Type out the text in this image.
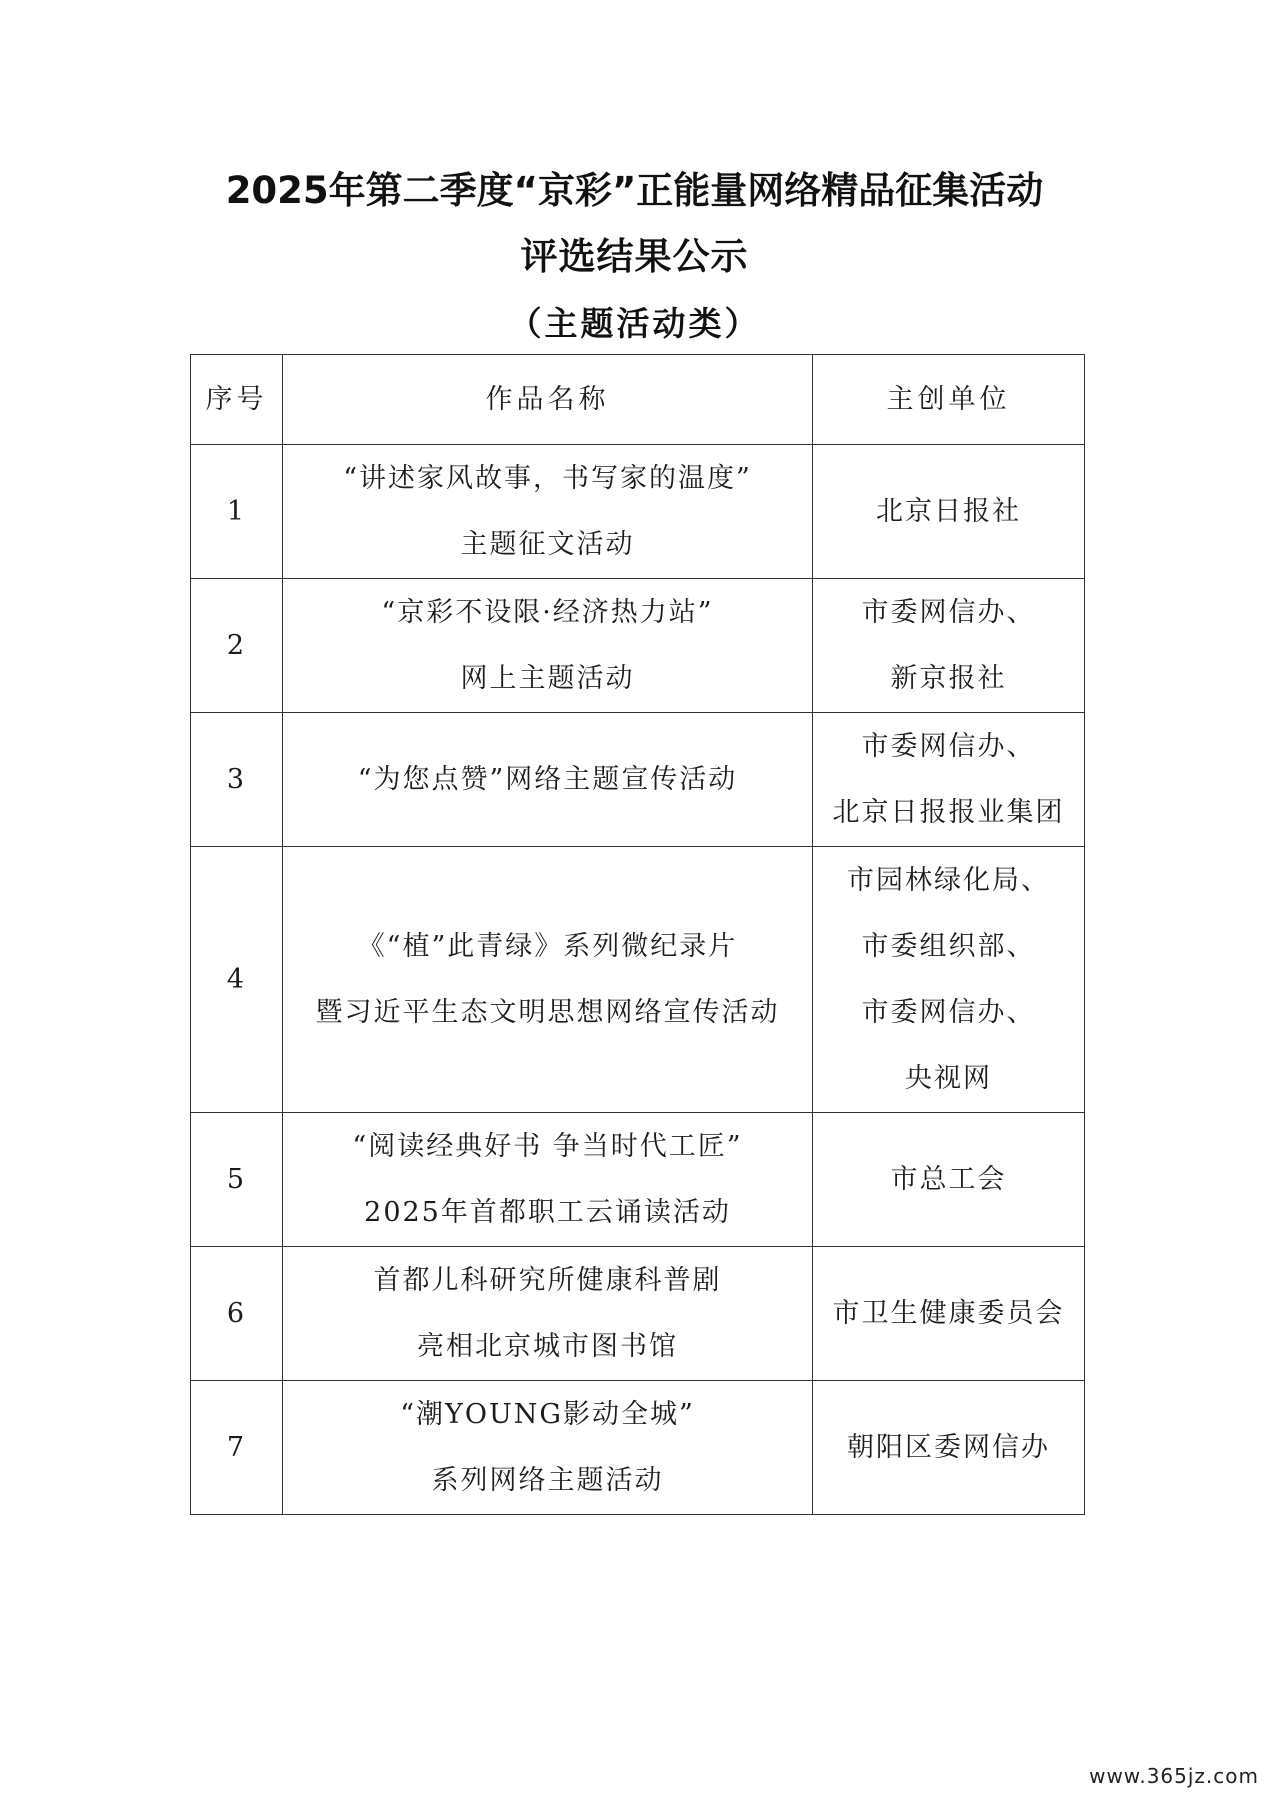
2025年第二季度“京彩”正能量网络精品征集活动
评选结果公示
（主题活动类）
序号	作品名称	主创单位
1	“讲述家风故事，书写家的温度”
主题征文活动	北京日报社

2	“京彩不设限·经济热力站”
网上主题活动	市委网信办、
新京报社

3	“为您点赞”网络主题宣传活动	市委网信办、
北京日报报业集团

4	《“植”此青绿》系列微纪录片
暨习近平生态文明思想网络宣传活动	市园林绿化局、
市委组织部、
市委网信办、
央视网

5	“阅读经典好书 争当时代工匠”
2025年首都职工云诵读活动	市总工会

6	首都儿科研究所健康科普剧
亮相北京城市图书馆	市卫生健康委员会

7	“潮YOUNG影动全城”
系列网络主题活动	朝阳区委网信办
www.365jz.com
